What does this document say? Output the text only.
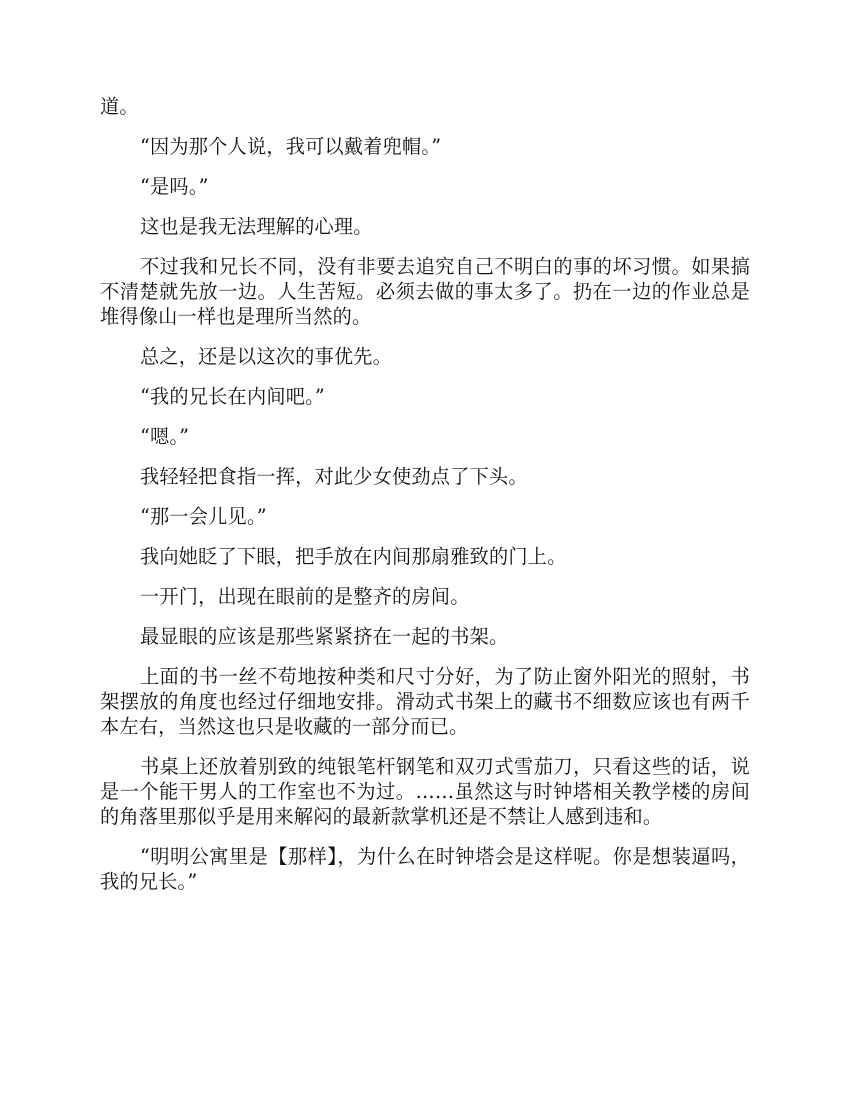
道。

“因为那个人说，我可以戴着兜帽。”

“是吗。”

这也是我无法理解的心理。

不过我和兄长不同，没有非要去追究自己不明白的事的坏习惯。如果搞不清楚就先放一边。人生苦短。必须去做的事太多了。扔在一边的作业总是堆得像山一样也是理所当然的。

总之，还是以这次的事优先。

“我的兄长在内间吧。”

“嗯。”

我轻轻把食指一挥，对此少女使劲点了下头。

“那一会儿见。”

我向她眨了下眼，把手放在内间那扇雅致的门上。

一开门，出现在眼前的是整齐的房间。

最显眼的应该是那些紧紧挤在一起的书架。

上面的书一丝不苟地按种类和尺寸分好，为了防止窗外阳光的照射，书架摆放的角度也经过仔细地安排。滑动式书架上的藏书不细数应该也有两千本左右，当然这也只是收藏的一部分而已。

书桌上还放着别致的纯银笔杆钢笔和双刃式雪茄刀，只看这些的话，说是一个能干男人的工作室也不为过。……虽然这与时钟塔相关教学楼的房间的角落里那似乎是用来解闷的最新款掌机还是不禁让人感到违和。

“明明公寓里是【那样】，为什么在时钟塔会是这样呢。你是想装逼吗，我的兄长。”
